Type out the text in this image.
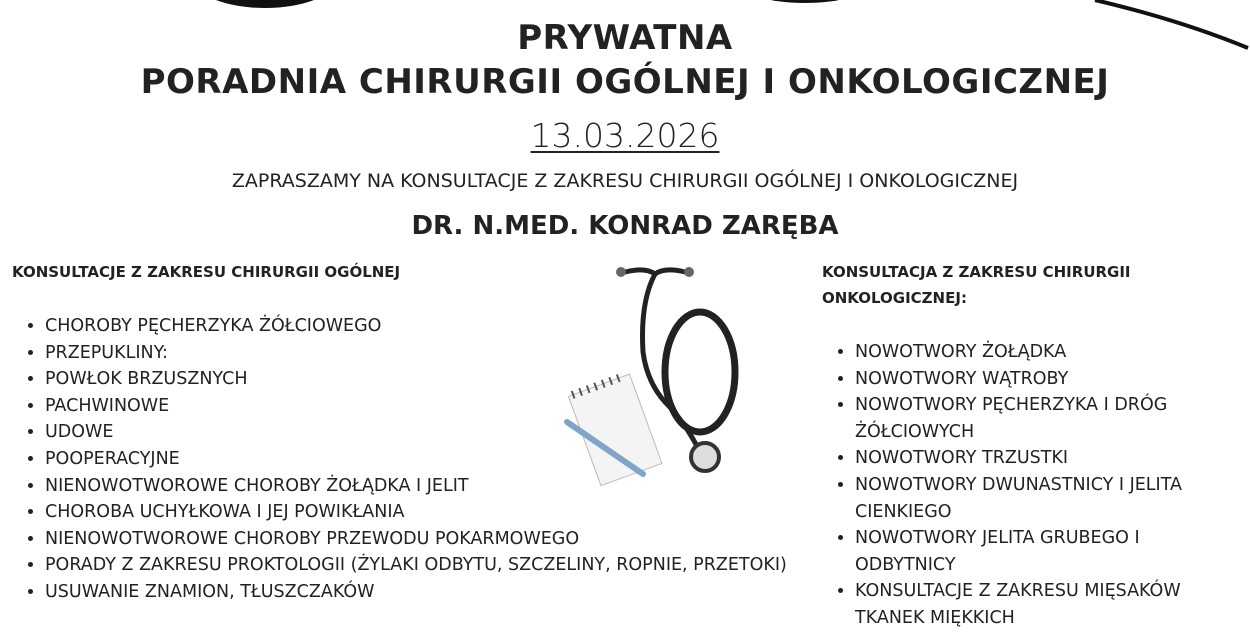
PRYWATNA
PORADNIA CHIRURGII OGÓLNEJ I ONKOLOGICZNEJ
13.03.2026
ZAPRASZAMY NA KONSULTACJE Z ZAKRESU CHIRURGII OGÓLNEJ I ONKOLOGICZNEJ
DR. N.MED. KONRAD ZARĘBA
KONSULTACJE Z ZAKRESU CHIRURGII OGÓLNEJ
• CHOROBY PĘCHERZYKA ŻÓŁCIOWEGO
• PRZEPUKLINY:
• POWŁOK BRZUSZNYCH
• PACHWINOWE
• UDOWE
• POOPERACYJNE
• NIENOWOTWOROWE CHOROBY ŻOŁĄDKA I JELIT
• CHOROBA UCHYŁKOWA I JEJ POWIKŁANIA
• NIENOWOTWOROWE CHOROBY PRZEWODU POKARMOWEGO
• PORADY Z ZAKRESU PROKTOLOGII (ŻYLAKI ODBYTU, SZCZELINY, ROPNIE, PRZETOKI)
• USUWANIE ZNAMION, TŁUSZCZAKÓW
KONSULTACJA Z ZAKRESU CHIRURGII ONKOLOGICZNEJ:
• NOWOTWORY ŻOŁĄDKA
• NOWOTWORY WĄTROBY
• NOWOTWORY PĘCHERZYKA I DRÓG ŻÓŁCIOWYCH
• NOWOTWORY TRZUSTKI
• NOWOTWORY DWUNASTNICY I JELITA CIENKIEGO
• NOWOTWORY JELITA GRUBEGO I ODBYTNICY
• KONSULTACJE Z ZAKRESU MIĘSAKÓW TKANEK MIĘKKICH
